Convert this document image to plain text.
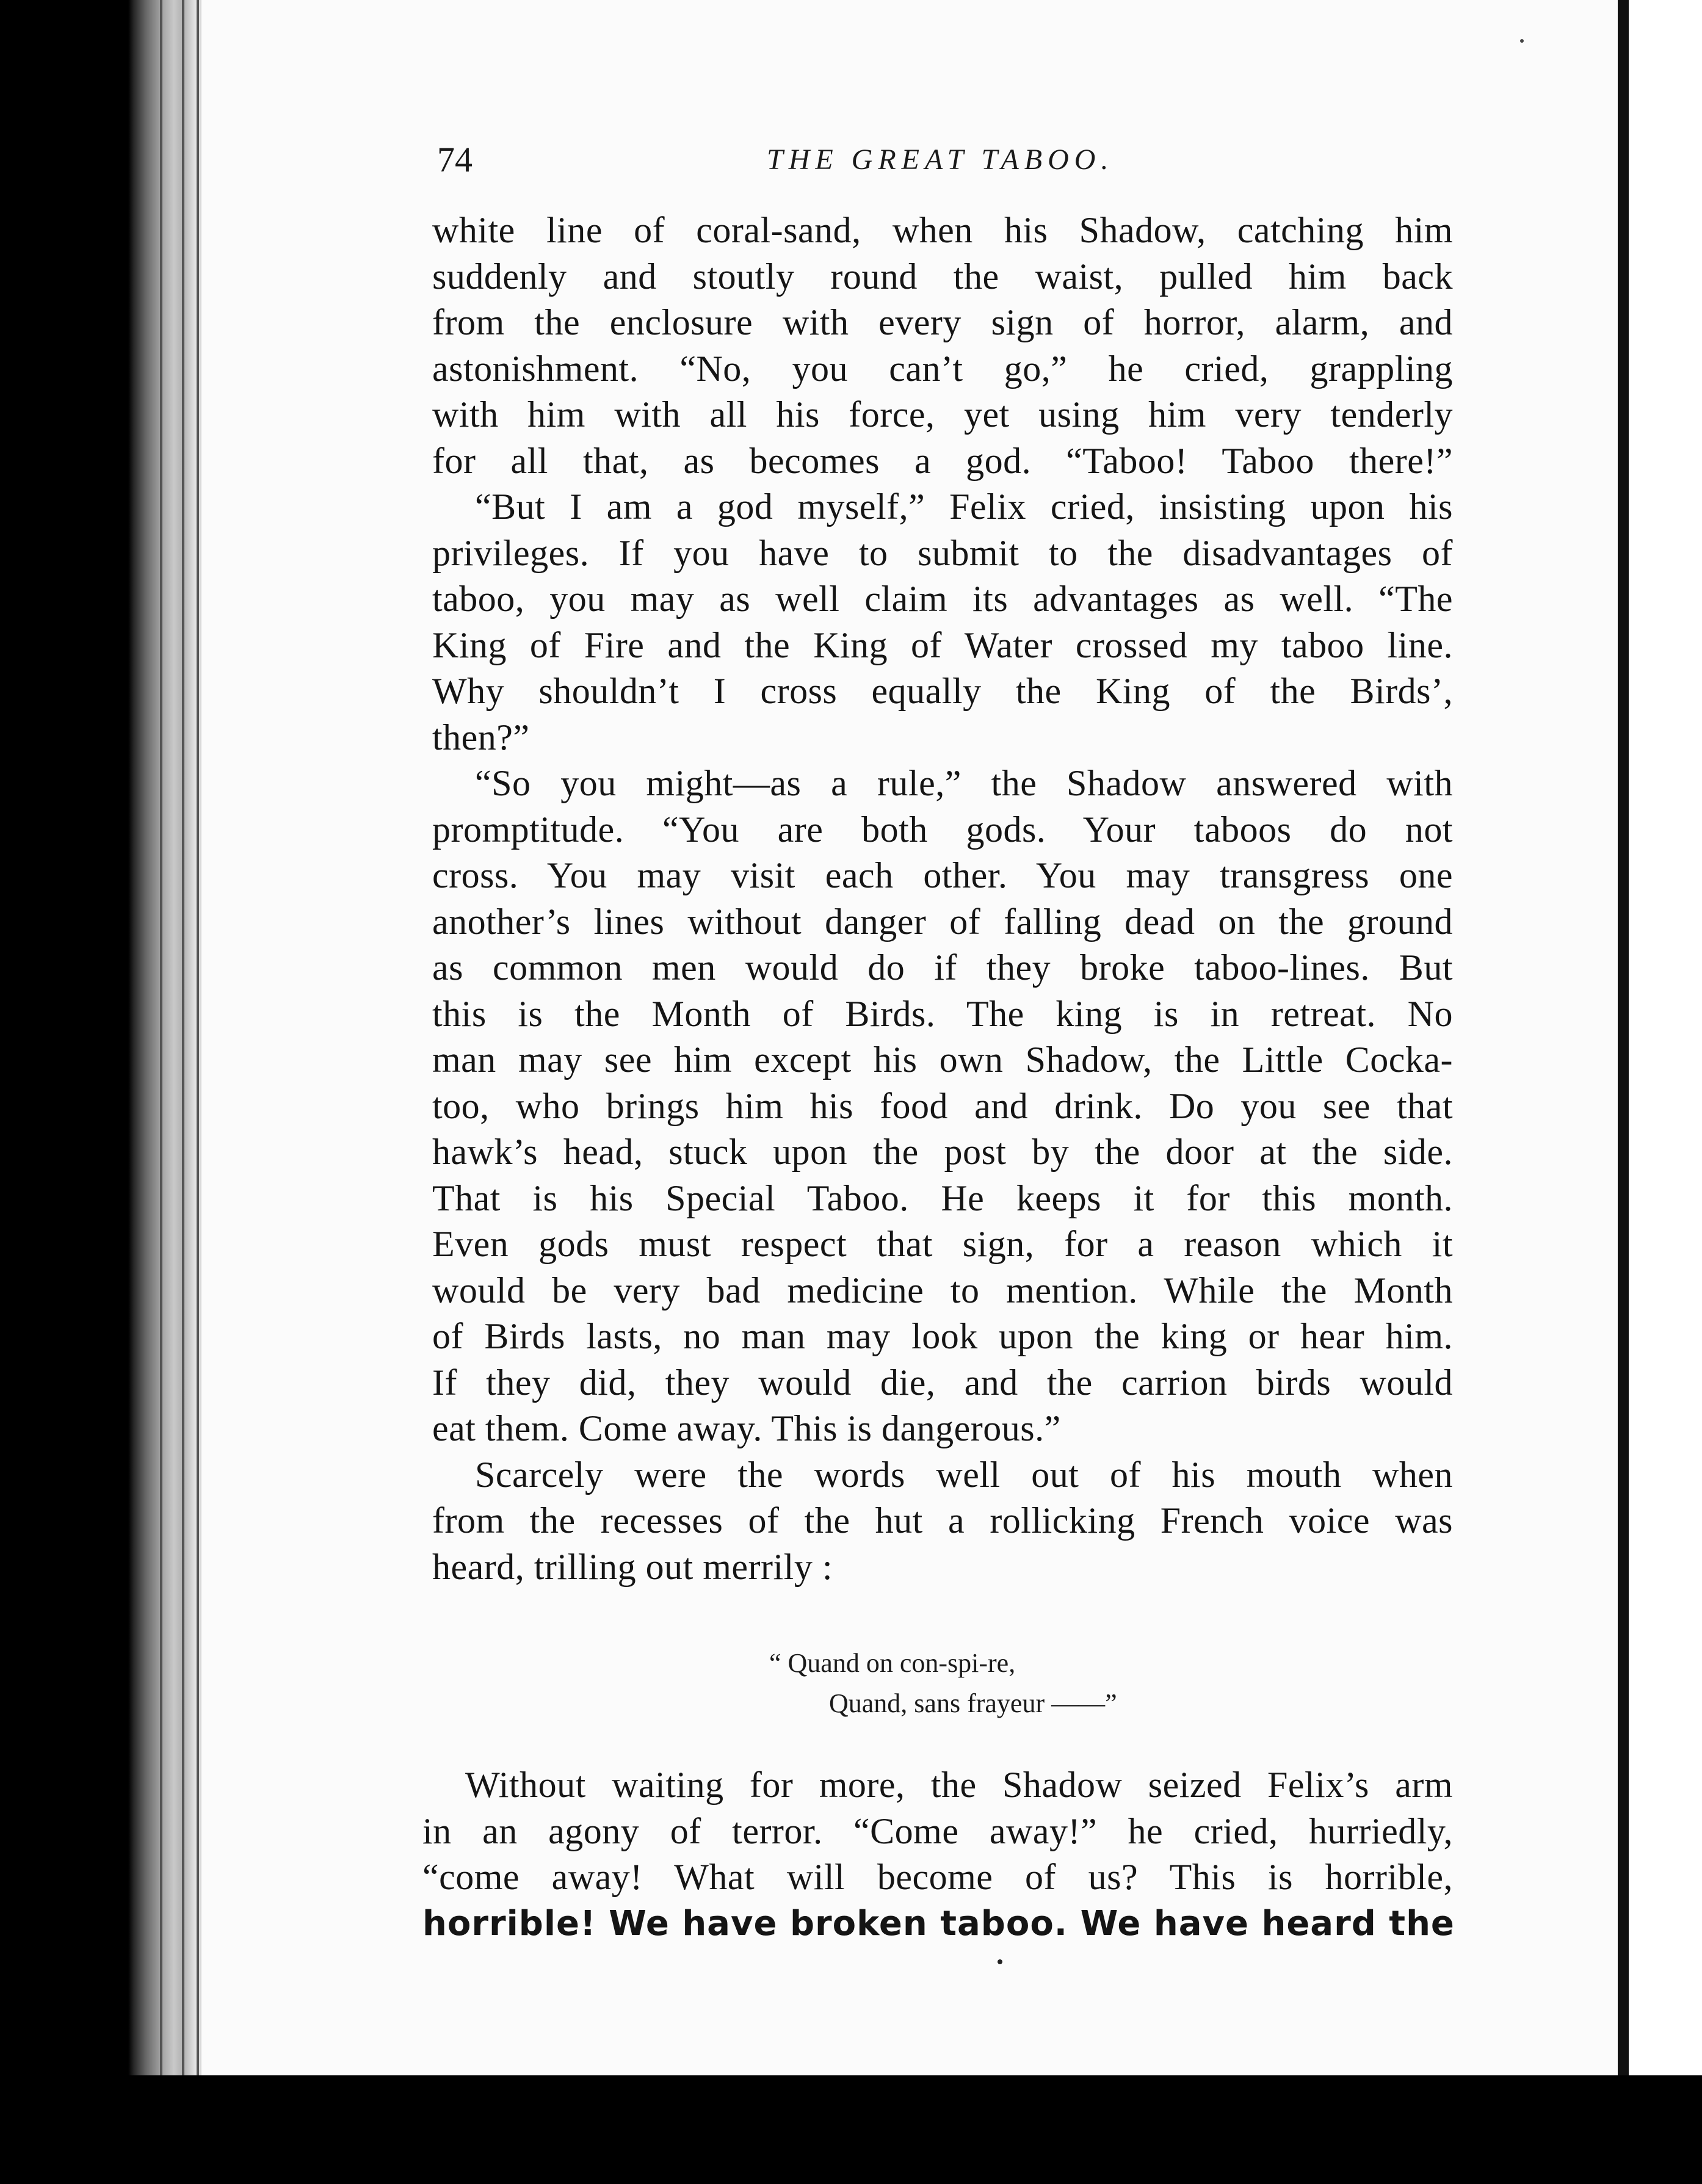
74	THE GREAT TABOO.
white line of coral-sand, when his Shadow, catching him
suddenly and stoutly round the waist, pulled him back
from the enclosure with every sign of horror, alarm, and
astonishment. “No, you can’t go,” he cried, grappling
with him with all his force, yet using him very tenderly
for all that, as becomes a god. “Taboo! Taboo there!”
“But I am a god myself,” Felix cried, insisting upon his
privileges. If you have to submit to the disadvantages of
taboo, you may as well claim its advantages as well. “The
King of Fire and the King of Water crossed my taboo line.
Why shouldn’t I cross equally the King of the Birds’,
then?”
“So you might—as a rule,” the Shadow answered with
promptitude. “You are both gods. Your taboos do not
cross. You may visit each other. You may transgress one
another’s lines without danger of falling dead on the ground
as common men would do if they broke taboo-lines. But
this is the Month of Birds. The king is in retreat. No
man may see him except his own Shadow, the Little Cocka-
too, who brings him his food and drink. Do you see that
hawk’s head, stuck upon the post by the door at the side.
That is his Special Taboo. He keeps it for this month.
Even gods must respect that sign, for a reason which it
would be very bad medicine to mention. While the Month
of Birds lasts, no man may look upon the king or hear him.
If they did, they would die, and the carrion birds would
eat them. Come away. This is dangerous.”
Scarcely were the words well out of his mouth when
from the recesses of the hut a rollicking French voice was
heard, trilling out merrily :
“ Quand on con-spi-re,
Quand, sans frayeur ——”
Without waiting for more, the Shadow seized Felix’s arm
in an agony of terror. “Come away!” he cried, hurriedly,
“come away! What will become of us? This is horrible,
horrible! We have broken taboo. We have heard the
